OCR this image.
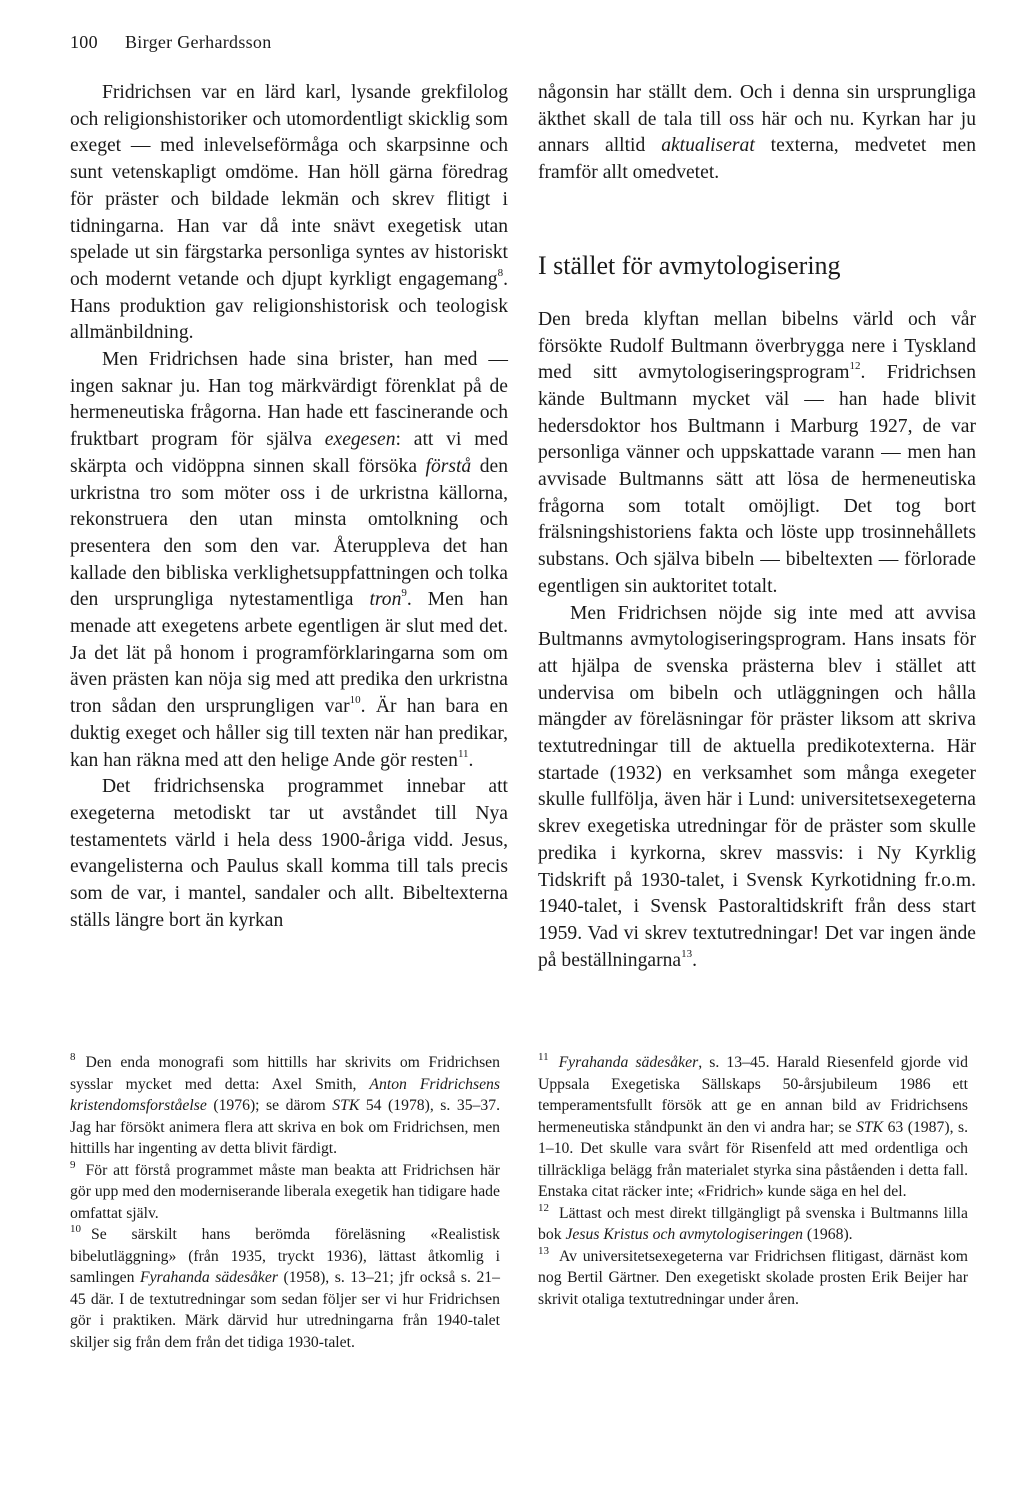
100 Birger Gerhardsson

Fridrichsen var en lärd karl, lysande grekfilolog och religionshistoriker och utomordentligt skicklig som exeget — med inlevelseförmåga och skarpsinne och sunt vetenskapligt omdöme. Han höll gärna föredrag för präster och bildade lekmän och skrev flitigt i tidningarna. Han var då inte snävt exegetisk utan spelade ut sin färgstarka personliga syntes av historiskt och modernt vetande och djupt kyrkligt engagemang$^8$. Hans produktion gav religionshistorisk och teologisk allmänbildning.

Men Fridrichsen hade sina brister, han med — ingen saknar ju. Han tog märkvärdigt förenklat på de hermeneutiska frågorna. Han hade ett fascinerande och fruktbart program för själva exegesen: att vi med skärpta och vidöppna sinnen skall försöka förstå den urkristna tro som möter oss i de urkristna källorna, rekonstruera den utan minsta omtolkning och presentera den som den var. Återuppleva det han kallade den bibliska verklighetsuppfattningen och tolka den ursprungliga nytestamentliga tron$^9$. Men han menade att exegetens arbete egentligen är slut med det. Ja det lät på honom i programförklaringarna som om även prästen kan nöja sig med att predika den urkristna tron sådan den ursprungligen var$^{10}$. Är han bara en duktig exeget och håller sig till texten när han predikar, kan han räkna med att den helige Ande gör resten$^{11}$.

Det fridrichsenska programmet innebar att exegeterna metodiskt tar ut avståndet till Nya testamentets värld i hela dess 1900-åriga vidd. Jesus, evangelisterna och Paulus skall komma till tals precis som de var, i mantel, sandaler och allt. Bibeltexterna ställs längre bort än kyrkan

någonsin har ställt dem. Och i denna sin ursprungliga äkthet skall de tala till oss här och nu. Kyrkan har ju annars alltid aktualiserat texterna, medvetet men framför allt omedvetet.

I stället för avmytologisering

Den breda klyftan mellan bibelns värld och vår försökte Rudolf Bultmann överbrygga nere i Tyskland med sitt avmytologiseringsprogram$^{12}$. Fridrichsen kände Bultmann mycket väl — han hade blivit hedersdoktor hos Bultmann i Marburg 1927, de var personliga vänner och uppskattade varann — men han avvisade Bultmanns sätt att lösa de hermeneutiska frågorna som totalt omöjligt. Det tog bort frälsningshistoriens fakta och löste upp trosinnehållets substans. Och själva bibeln — bibeltexten — förlorade egentligen sin auktoritet totalt.

Men Fridrichsen nöjde sig inte med att avvisa Bultmanns avmytologiseringsprogram. Hans insats för att hjälpa de svenska prästerna blev i stället att undervisa om bibeln och utläggningen och hålla mängder av föreläsningar för präster liksom att skriva textutredningar till de aktuella predikotexterna. Här startade (1932) en verksamhet som många exegeter skulle fullfölja, även här i Lund: universitetsexegeterna skrev exegetiska utredningar för de präster som skulle predika i kyrkorna, skrev massvis: i Ny Kyrklig Tidskrift på 1930-talet, i Svensk Kyrkotidning fr.o.m. 1940-talet, i Svensk Pastoraltidskrift från dess start 1959. Vad vi skrev textutredningar! Det var ingen ände på beställningarna$^{13}$.

$^8$ Den enda monografi som hittills har skrivits om Fridrichsen sysslar mycket med detta: Axel Smith, Anton Fridrichsens kristendomsforståelse (1976); se därom STK 54 (1978), s. 35–37. Jag har försökt animera flera att skriva en bok om Fridrichsen, men hittills har ingenting av detta blivit färdigt.

$^9$ För att förstå programmet måste man beakta att Fridrichsen här gör upp med den moderniserande liberala exegetik han tidigare hade omfattat själv.

$^{10}$ Se särskilt hans berömda föreläsning «Realistisk bibelutläggning» (från 1935, tryckt 1936), lättast åtkomlig i samlingen Fyrahanda sädesåker (1958), s. 13–21; jfr också s. 21–45 där. I de textutredningar som sedan följer ser vi hur Fridrichsen gör i praktiken. Märk därvid hur utredningarna från 1940-talet skiljer sig från dem från det tidiga 1930-talet.

$^{11}$ Fyrahanda sädesåker, s. 13–45. Harald Riesenfeld gjorde vid Uppsala Exegetiska Sällskaps 50-årsjubileum 1986 ett temperamentsfullt försök att ge en annan bild av Fridrichsens hermeneutiska ståndpunkt än den vi andra har; se STK 63 (1987), s. 1–10. Det skulle vara svårt för Risenfeld att med ordentliga och tillräckliga belägg från materialet styrka sina påståenden i detta fall. Enstaka citat räcker inte; «Fridrich» kunde säga en hel del.

$^{12}$ Lättast och mest direkt tillgängligt på svenska i Bultmanns lilla bok Jesus Kristus och avmytologiseringen (1968).

$^{13}$ Av universitetsexegeterna var Fridrichsen flitigast, därnäst kom nog Bertil Gärtner. Den exegetiskt skolade prosten Erik Beijer har skrivit otaliga textutredningar under åren.
